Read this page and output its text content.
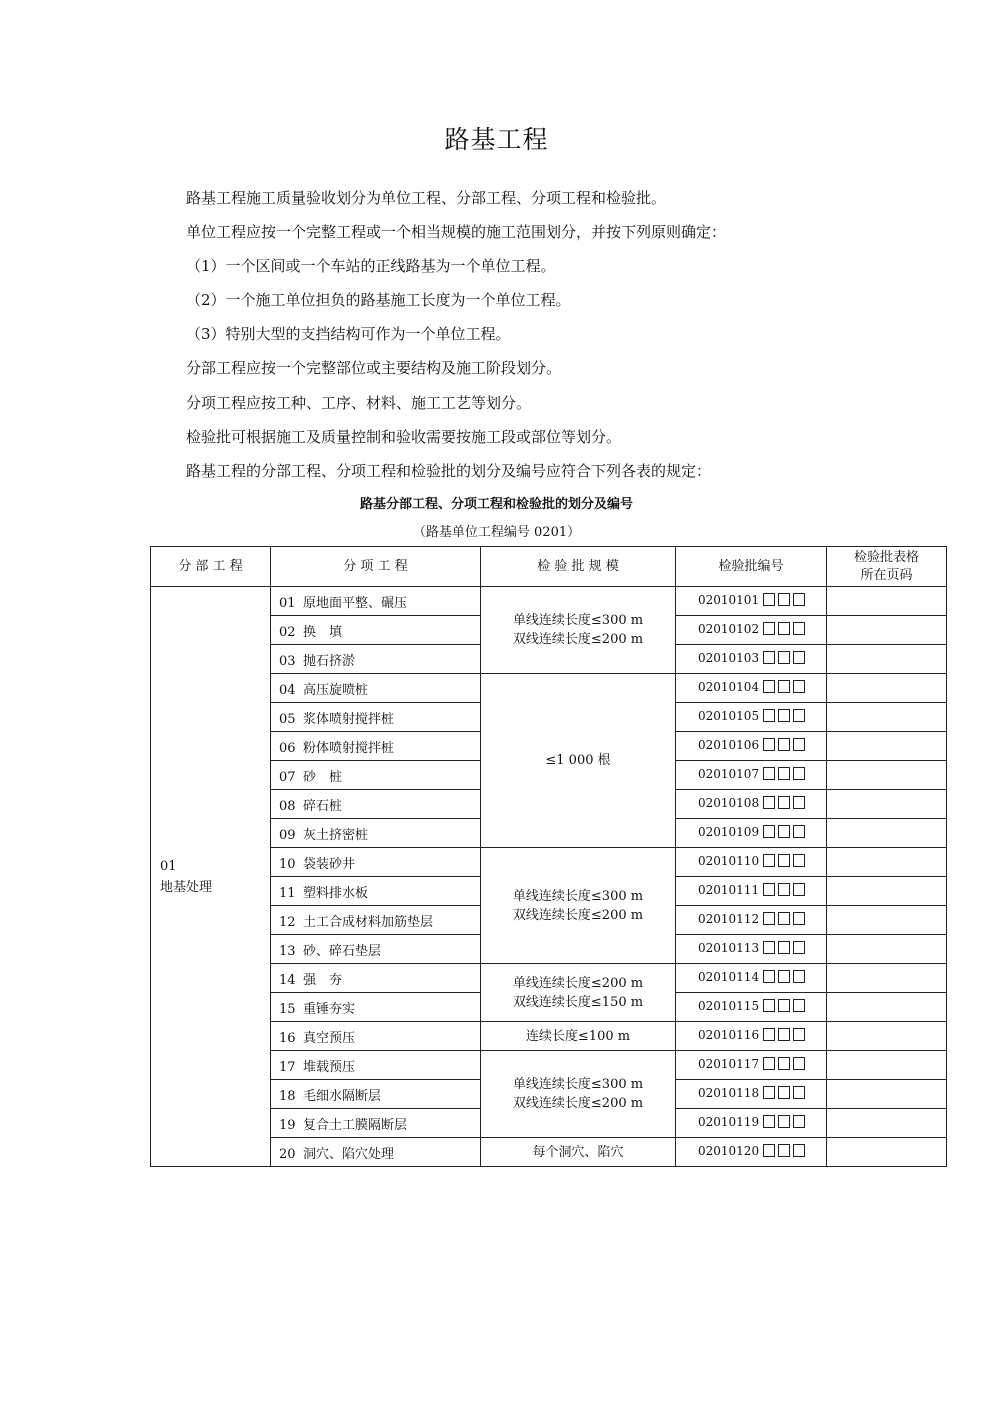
路基工程
路基工程施工质量验收划分为单位工程、分部工程、分项工程和检验批。
单位工程应按一个完整工程或一个相当规模的施工范围划分，并按下列原则确定：
（1）一个区间或一个车站的正线路基为一个单位工程。
（2）一个施工单位担负的路基施工长度为一个单位工程。
（3）特别大型的支挡结构可作为一个单位工程。
分部工程应按一个完整部位或主要结构及施工阶段划分。
分项工程应按工种、工序、材料、施工工艺等划分。
检验批可根据施工及质量控制和验收需要按施工段或部位等划分。
路基工程的分部工程、分项工程和检验批的划分及编号应符合下列各表的规定：
路基分部工程、分项工程和检验批的划分及编号
（路基单位工程编号 0201）
分 部 工 程	分 项 工 程	检 验 批 规 模	检验批编号	检验批表格
所在页码
01
地基处理	01 原地面平整、碾压	单线连续长度≤300 m
双线连续长度≤200 m	02010101	
	02 换　填		02010102	
	03 抛石挤淤		02010103	
	04 高压旋喷桩	≤1 000 根	02010104	
	05 浆体喷射搅拌桩		02010105	
	06 粉体喷射搅拌桩		02010106	
	07 砂　桩		02010107	
	08 碎石桩		02010108	
	09 灰土挤密桩		02010109	
	10 袋装砂井	单线连续长度≤300 m
双线连续长度≤200 m	02010110	
	11 塑料排水板		02010111	
	12 土工合成材料加筋垫层		02010112	
	13 砂、碎石垫层		02010113	
	14 强　夯	单线连续长度≤200 m
双线连续长度≤150 m	02010114	
	15 重锤夯实		02010115	
	16 真空预压	连续长度≤100 m	02010116	
	17 堆载预压	单线连续长度≤300 m
双线连续长度≤200 m	02010117	
	18 毛细水隔断层		02010118	
	19 复合土工膜隔断层		02010119	
	20 洞穴、陷穴处理	每个洞穴、陷穴	02010120	
